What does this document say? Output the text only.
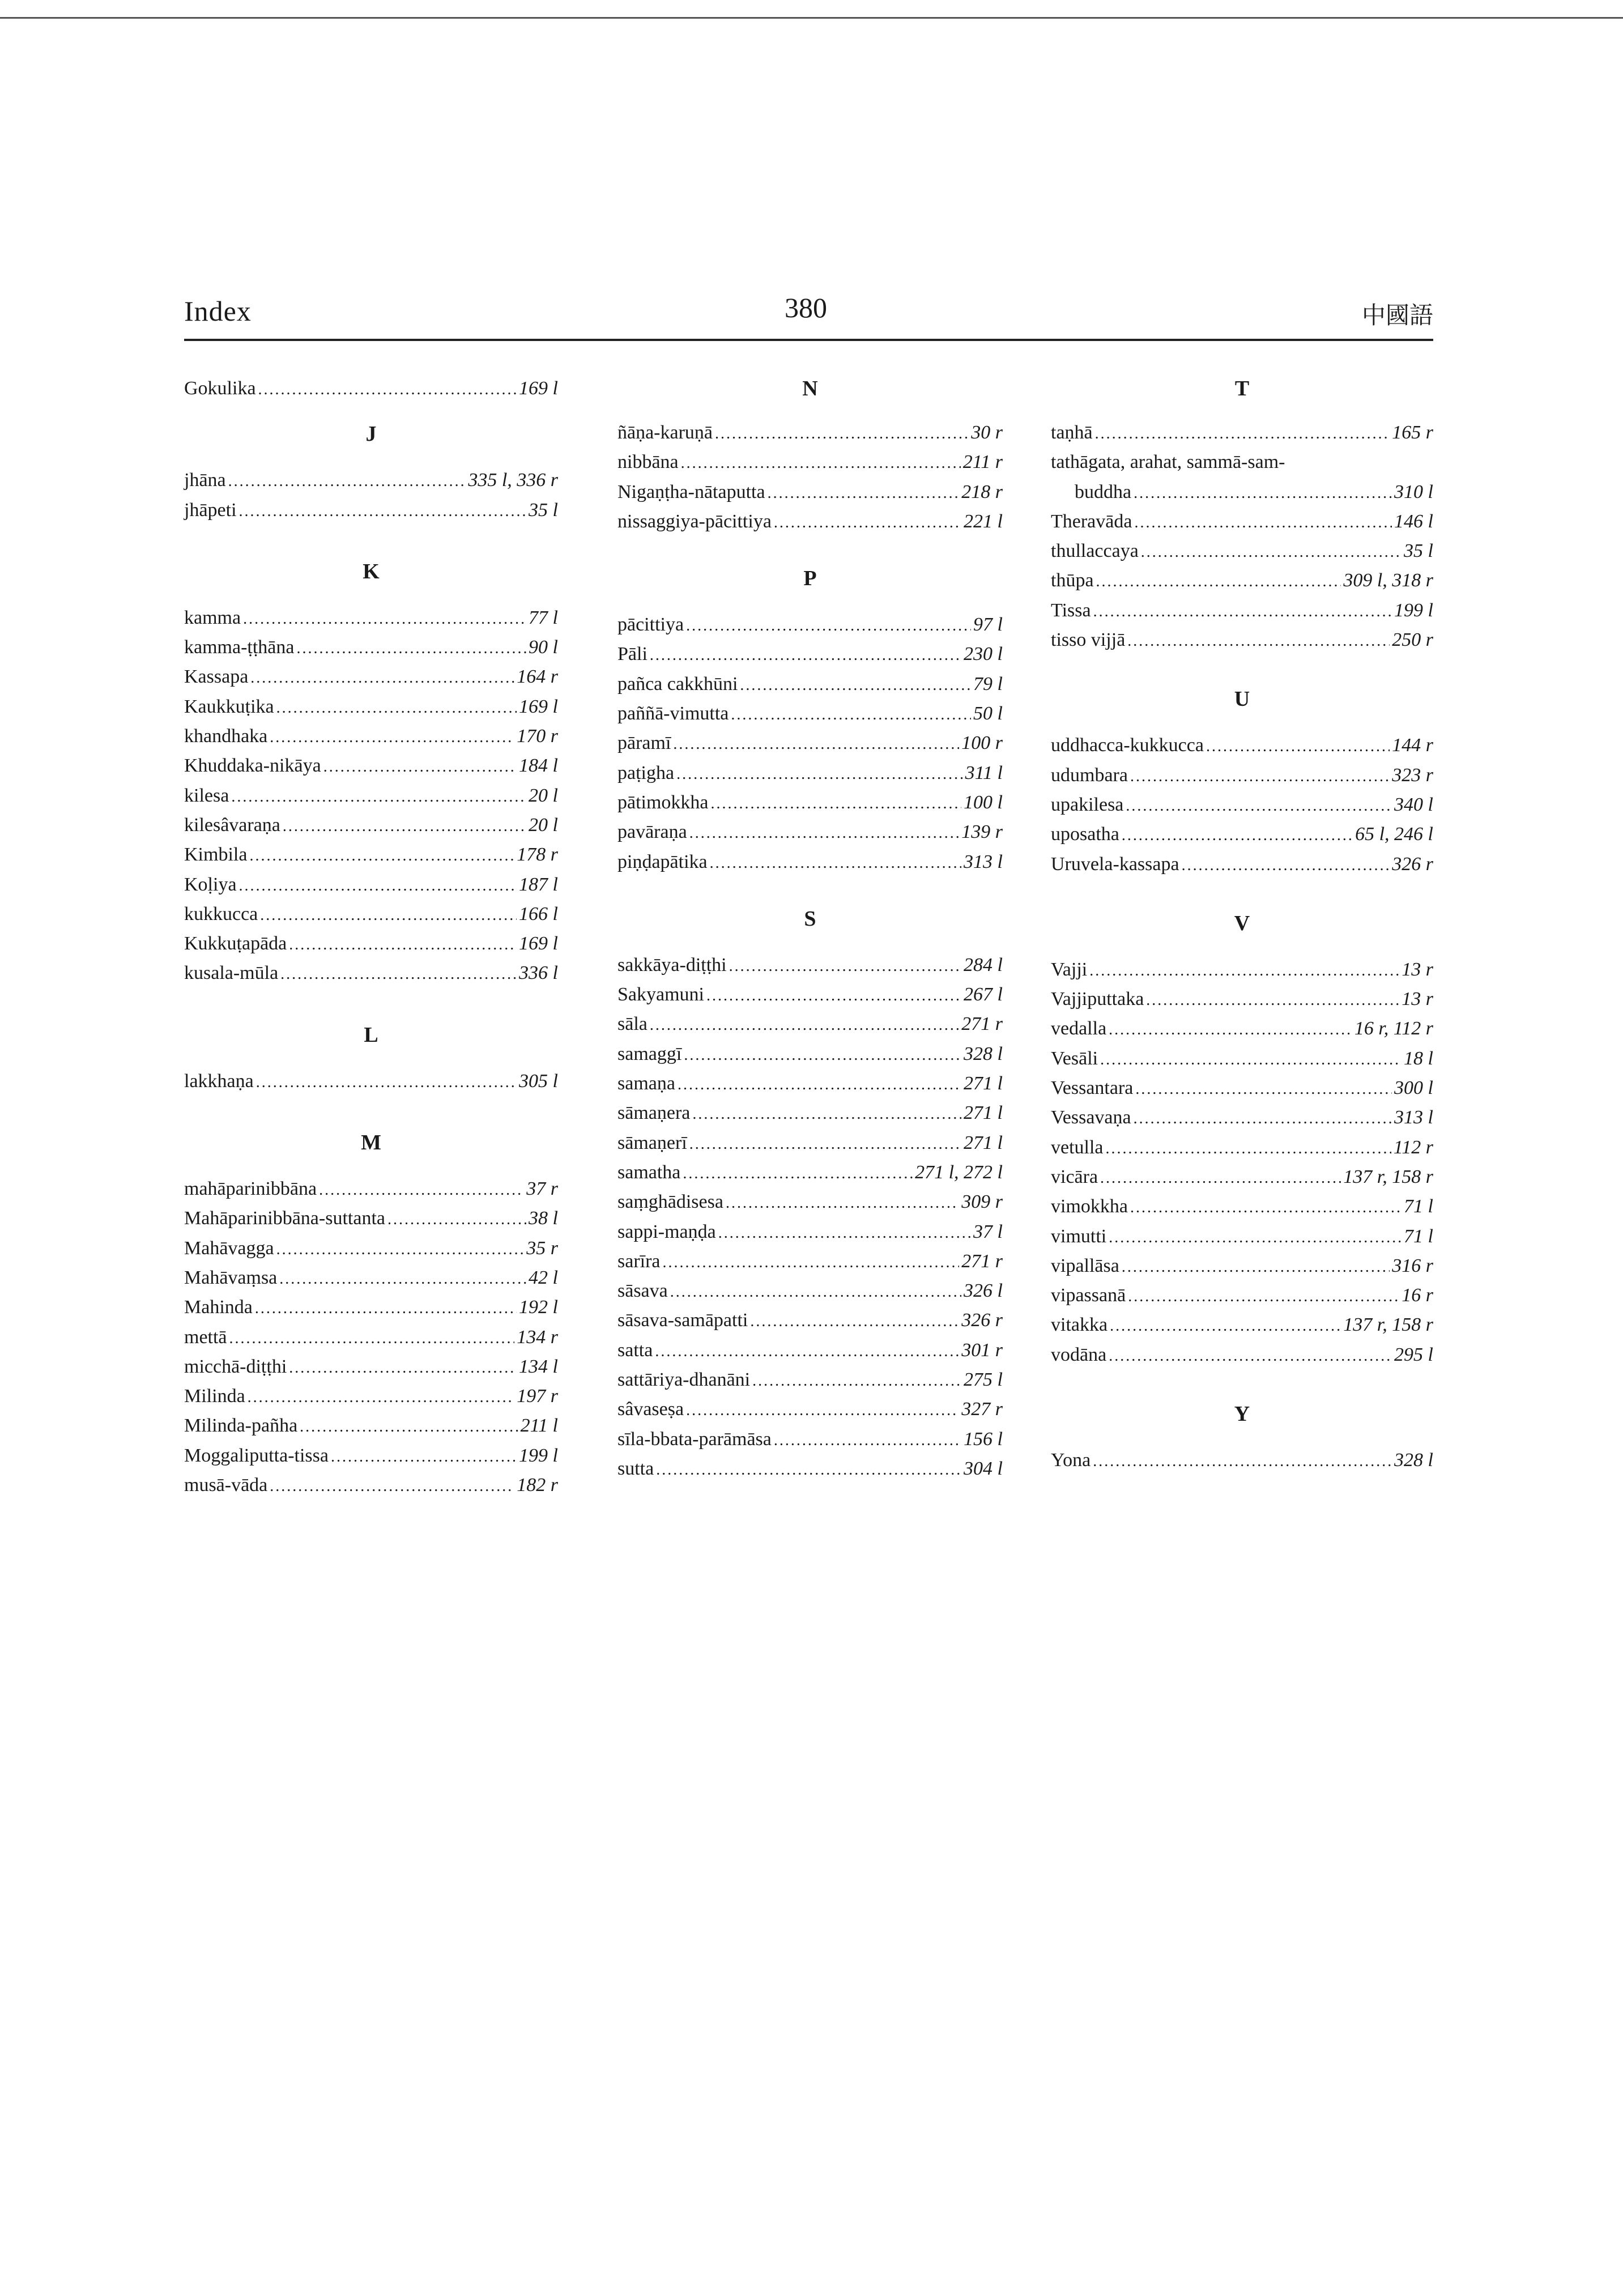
Index	380	中國語
Gokulika .....	169 l
J
jhāna .....	335 l, 336 r
jhāpeti .....	35 l
K
kamma .....	77 l
kamma-ṭṭhāna .....	90 l
Kassapa .....	164 r
Kaukkuṭika .....	169 l
khandhaka .....	170 r
Khuddaka-nikāya .....	184 l
kilesa .....	20 l
kilesâvaraṇa .....	20 l
Kimbila .....	178 r
Koḷiya .....	187 l
kukkucca .....	166 l
Kukkuṭapāda .....	169 l
kusala-mūla .....	336 l
L
lakkhaṇa .....	305 l
M
mahāparinibbāna .....	37 r
Mahāparinibbāna-suttanta .....	38 l
Mahāvagga .....	35 r
Mahāvaṃsa .....	42 l
Mahinda .....	192 l
mettā .....	134 r
micchā-diṭṭhi .....	134 l
Milinda .....	197 r
Milinda-pañha .....	211 l
Moggaliputta-tissa .....	199 l
musā-vāda .....	182 r
N
ñāṇa-karuṇā .....	30 r
nibbāna .....	211 r
Nigaṇṭha-nātaputta .....	218 r
nissaggiya-pācittiya .....	221 l
P
pācittiya .....	97 l
Pāli .....	230 l
pañca cakkhūni .....	79 l
paññā-vimutta .....	50 l
pāramī .....	100 r
paṭigha .....	311 l
pātimokkha .....	100 l
pavāraṇa .....	139 r
piṇḍapātika .....	313 l
S
sakkāya-diṭṭhi .....	284 l
Sakyamuni .....	267 l
sāla .....	271 r
samaggī .....	328 l
samaṇa .....	271 l
sāmaṇera .....	271 l
sāmaṇerī .....	271 l
samatha .....	271 l, 272 l
saṃghādisesa .....	309 r
sappi-maṇḍa .....	37 l
sarīra .....	271 r
sāsava .....	326 l
sāsava-samāpatti .....	326 r
satta .....	301 r
sattāriya-dhanāni .....	275 l
sâvaseṣa .....	327 r
sīla-bbata-parāmāsa .....	156 l
sutta .....	304 l
T
taṇhā .....	165 r
tathāgata, arahat, sammā-sam-
buddha .....	310 l
Theravāda .....	146 l
thullaccaya .....	35 l
thūpa .....	309 l, 318 r
Tissa .....	199 l
tisso vijjā .....	250 r
U
uddhacca-kukkucca .....	144 r
udumbara .....	323 r
upakilesa .....	340 l
uposatha .....	65 l, 246 l
Uruvela-kassapa .....	326 r
V
Vajji .....	13 r
Vajjiputtaka .....	13 r
vedalla .....	16 r, 112 r
Vesāli .....	18 l
Vessantara .....	300 l
Vessavaṇa .....	313 l
vetulla .....	112 r
vicāra .....	137 r, 158 r
vimokkha .....	71 l
vimutti .....	71 l
vipallāsa .....	316 r
vipassanā .....	16 r
vitakka .....	137 r, 158 r
vodāna .....	295 l
Y
Yona .....	328 l
